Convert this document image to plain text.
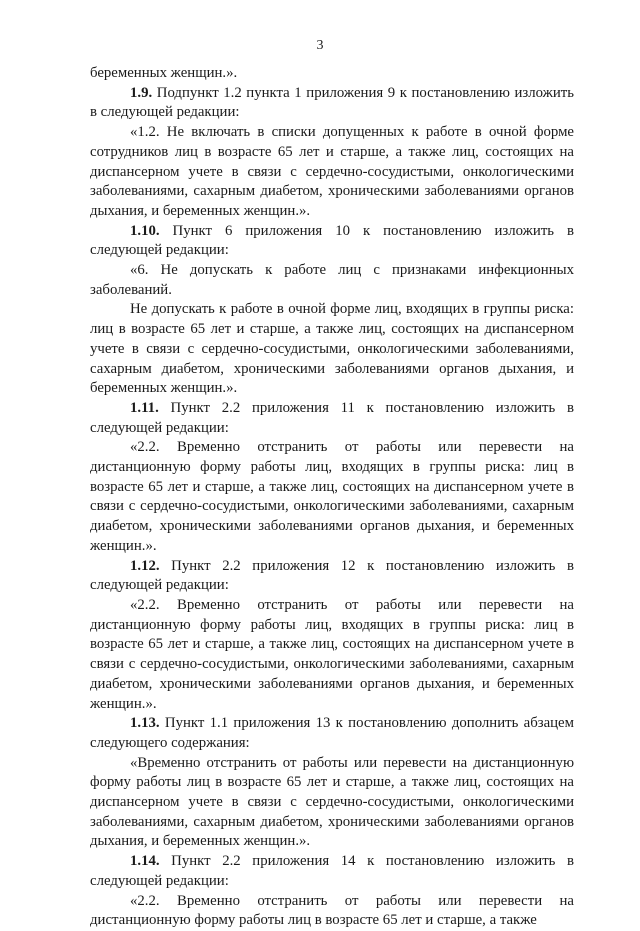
3

беременных женщин.».

1.9. Подпункт 1.2 пункта 1 приложения 9 к постановлению изложить в следующей редакции:

«1.2. Не включать в списки допущенных к работе в очной форме сотрудников лиц в возрасте 65 лет и старше, а также лиц, состоящих на диспансерном учете в связи с сердечно-сосудистыми, онкологическими заболеваниями, сахарным диабетом, хроническими заболеваниями органов дыхания, и беременных женщин.».

1.10. Пункт 6 приложения 10 к постановлению изложить в следующей редакции:

«6. Не допускать к работе лиц с признаками инфекционных заболеваний.

Не допускать к работе в очной форме лиц, входящих в группы риска: лиц в возрасте 65 лет и старше, а также лиц, состоящих на диспансерном учете в связи с сердечно-сосудистыми, онкологическими заболеваниями, сахарным диабетом, хроническими заболеваниями органов дыхания, и беременных женщин.».

1.11. Пункт 2.2 приложения 11 к постановлению изложить в следующей редакции:

«2.2. Временно отстранить от работы или перевести на дистанционную форму работы лиц, входящих в группы риска: лиц в возрасте 65 лет и старше, а также лиц, состоящих на диспансерном учете в связи с сердечно-сосудистыми, онкологическими заболеваниями, сахарным диабетом, хроническими заболеваниями органов дыхания, и беременных женщин.».

1.12. Пункт 2.2 приложения 12 к постановлению изложить в следующей редакции:

«2.2. Временно отстранить от работы или перевести на дистанционную форму работы лиц, входящих в группы риска: лиц в возрасте 65 лет и старше, а также лиц, состоящих на диспансерном учете в связи с сердечно-сосудистыми, онкологическими заболеваниями, сахарным диабетом, хроническими заболеваниями органов дыхания, и беременных женщин.».

1.13. Пункт 1.1 приложения 13 к постановлению дополнить абзацем следующего содержания:

«Временно отстранить от работы или перевести на дистанционную форму работы лиц в возрасте 65 лет и старше, а также лиц, состоящих на диспансерном учете в связи с сердечно-сосудистыми, онкологическими заболеваниями, сахарным диабетом, хроническими заболеваниями органов дыхания, и беременных женщин.».

1.14. Пункт 2.2 приложения 14 к постановлению изложить в следующей редакции:

«2.2. Временно отстранить от работы или перевести на дистанционную форму работы лиц в возрасте 65 лет и старше, а также
